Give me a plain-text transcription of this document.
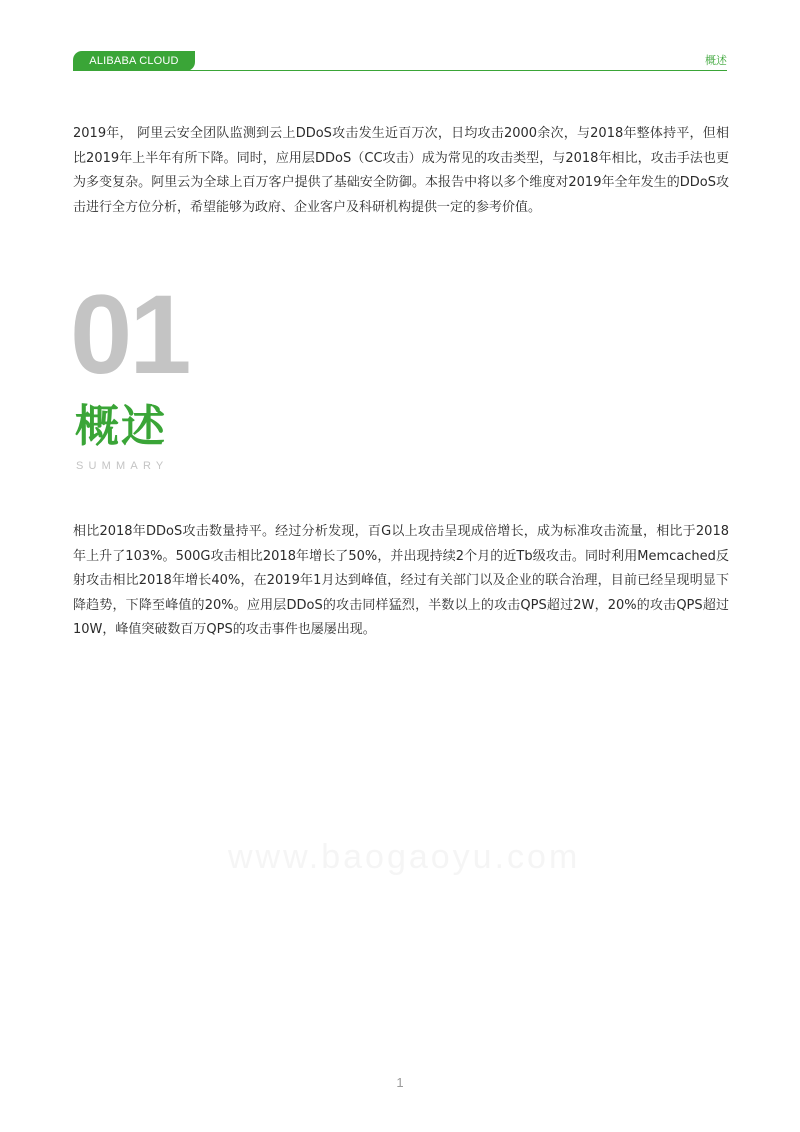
ALIBABA CLOUD	概述

2019年， 阿里云安全团队监测到云上DDoS攻击发生近百万次，日均攻击2000余次，与2018年整体持平，但相比2019年上半年有所下降。同时，应用层DDoS（CC攻击）成为常见的攻击类型，与2018年相比，攻击手法也更为多变复杂。阿里云为全球上百万客户提供了基础安全防御。本报告中将以多个维度对2019年全年发生的DDoS攻击进行全方位分析，希望能够为政府、企业客户及科研机构提供一定的参考价值。

01
概述
SUMMARY

相比2018年DDoS攻击数量持平。经过分析发现，百G以上攻击呈现成倍增长，成为标准攻击流量，相比于2018年上升了103%。500G攻击相比2018年增长了50%，并出现持续2个月的近Tb级攻击。同时利用Memcached反射攻击相比2018年增长40%，在2019年1月达到峰值，经过有关部门以及企业的联合治理，目前已经呈现明显下降趋势，下降至峰值的20%。应用层DDoS的攻击同样猛烈，半数以上的攻击QPS超过2W，20%的攻击QPS超过10W，峰值突破数百万QPS的攻击事件也屡屡出现。

www.baogaoyu.com
1
